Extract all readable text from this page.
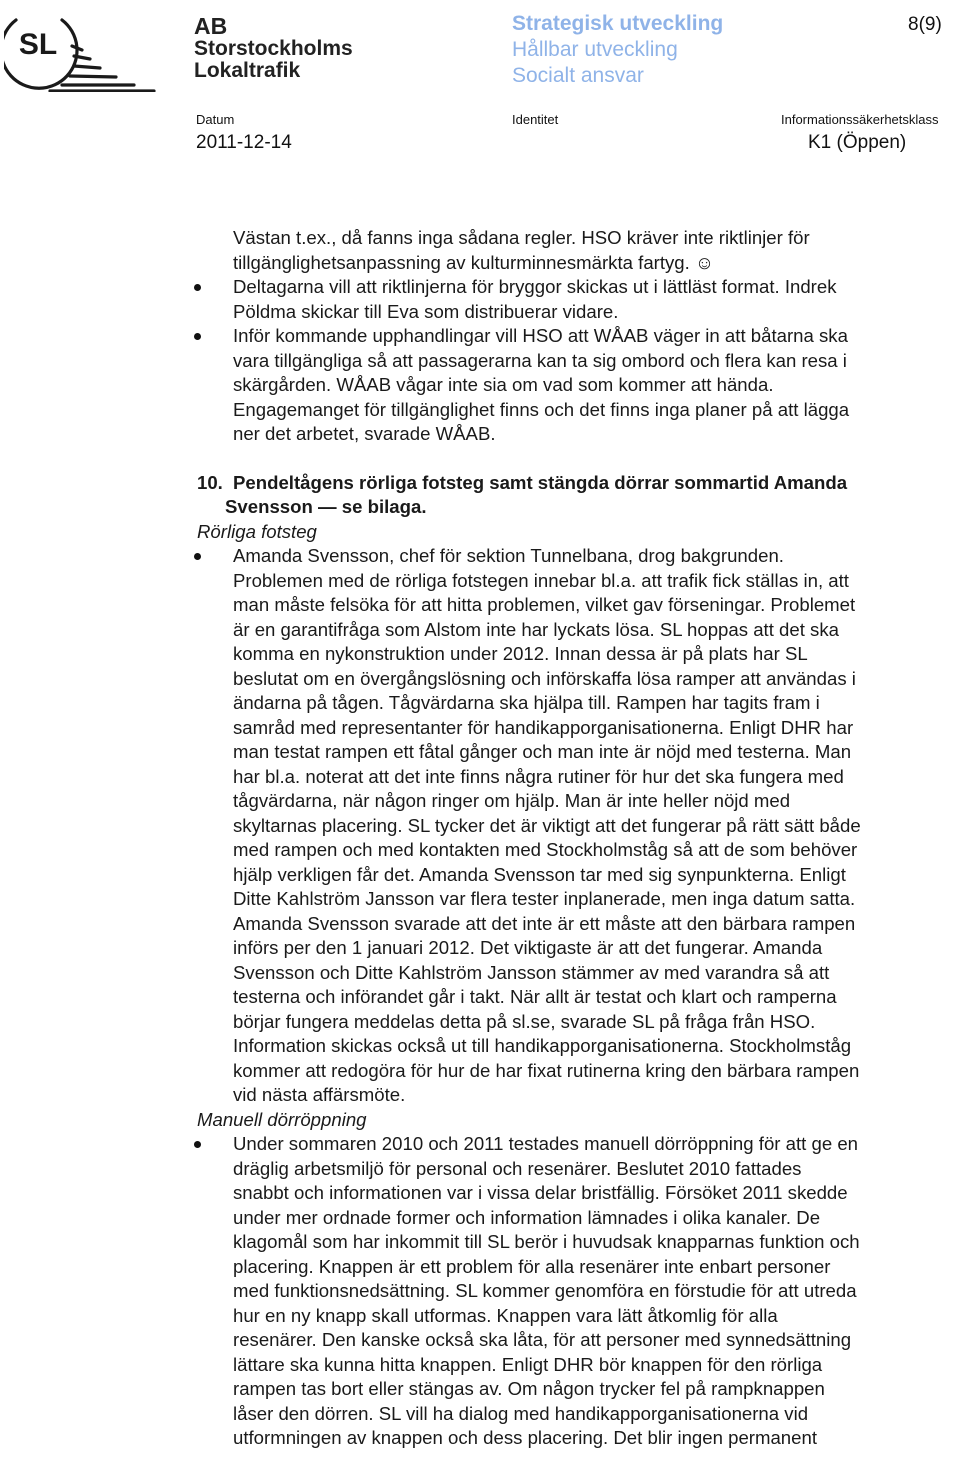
SL
AB
Storstockholms
Lokaltrafik
Strategisk utveckling
Hållbar utveckling
Socialt ansvar
8(9)
Datum
2011-12-14
Identitet	Informationssäkerhetsklass
K1 (Öppen)
Västan t.ex., då fanns inga sådana regler. HSO kräver inte riktlinjer för
tillgänglighetsanpassning av kulturminnesmärkta fartyg. ☺
Deltagarna vill att riktlinjerna för bryggor skickas ut i lättläst format. Indrek
Pöldma skickar till Eva som distribuerar vidare.
Inför kommande upphandlingar vill HSO att WÅAB väger in att båtarna ska
vara tillgängliga så att passagerarna kan ta sig ombord och flera kan resa i
skärgården. WÅAB vågar inte sia om vad som kommer att hända.
Engagemanget för tillgänglighet finns och det finns inga planer på att lägga
ner det arbetet, svarade WÅAB.
10. Pendeltågens rörliga fotsteg samt stängda dörrar sommartid Amanda
Svensson — se bilaga.
Rörliga fotsteg
Amanda Svensson, chef för sektion Tunnelbana, drog bakgrunden.
Problemen med de rörliga fotstegen innebar bl.a. att trafik fick ställas in, att
man måste felsöka för att hitta problemen, vilket gav förseningar. Problemet
är en garantifråga som Alstom inte har lyckats lösa. SL hoppas att det ska
komma en nykonstruktion under 2012. Innan dessa är på plats har SL
beslutat om en övergångslösning och införskaffa lösa ramper att användas i
ändarna på tågen. Tågvärdarna ska hjälpa till. Rampen har tagits fram i
samråd med representanter för handikapporganisationerna. Enligt DHR har
man testat rampen ett fåtal gånger och man inte är nöjd med testerna. Man
har bl.a. noterat att det inte finns några rutiner för hur det ska fungera med
tågvärdarna, när någon ringer om hjälp. Man är inte heller nöjd med
skyltarnas placering. SL tycker det är viktigt att det fungerar på rätt sätt både
med rampen och med kontakten med Stockholmståg så att de som behöver
hjälp verkligen får det. Amanda Svensson tar med sig synpunkterna. Enligt
Ditte Kahlström Jansson var flera tester inplanerade, men inga datum satta.
Amanda Svensson svarade att det inte är ett måste att den bärbara rampen
införs per den 1 januari 2012. Det viktigaste är att det fungerar. Amanda
Svensson och Ditte Kahlström Jansson stämmer av med varandra så att
testerna och införandet går i takt. När allt är testat och klart och ramperna
börjar fungera meddelas detta på sl.se, svarade SL på fråga från HSO.
Information skickas också ut till handikapporganisationerna. Stockholmståg
kommer att redogöra för hur de har fixat rutinerna kring den bärbara rampen
vid nästa affärsmöte.
Manuell dörröppning
Under sommaren 2010 och 2011 testades manuell dörröppning för att ge en
dräglig arbetsmiljö för personal och resenärer. Beslutet 2010 fattades
snabbt och informationen var i vissa delar bristfällig. Försöket 2011 skedde
under mer ordnade former och information lämnades i olika kanaler. De
klagomål som har inkommit till SL berör i huvudsak knapparnas funktion och
placering. Knappen är ett problem för alla resenärer inte enbart personer
med funktionsnedsättning. SL kommer genomföra en förstudie för att utreda
hur en ny knapp skall utformas. Knappen vara lätt åtkomlig för alla
resenärer. Den kanske också ska låta, för att personer med synnedsättning
lättare ska kunna hitta knappen. Enligt DHR bör knappen för den rörliga
rampen tas bort eller stängas av. Om någon trycker fel på rampknappen
låser den dörren. SL vill ha dialog med handikapporganisationerna vid
utformningen av knappen och dess placering. Det blir ingen permanent
